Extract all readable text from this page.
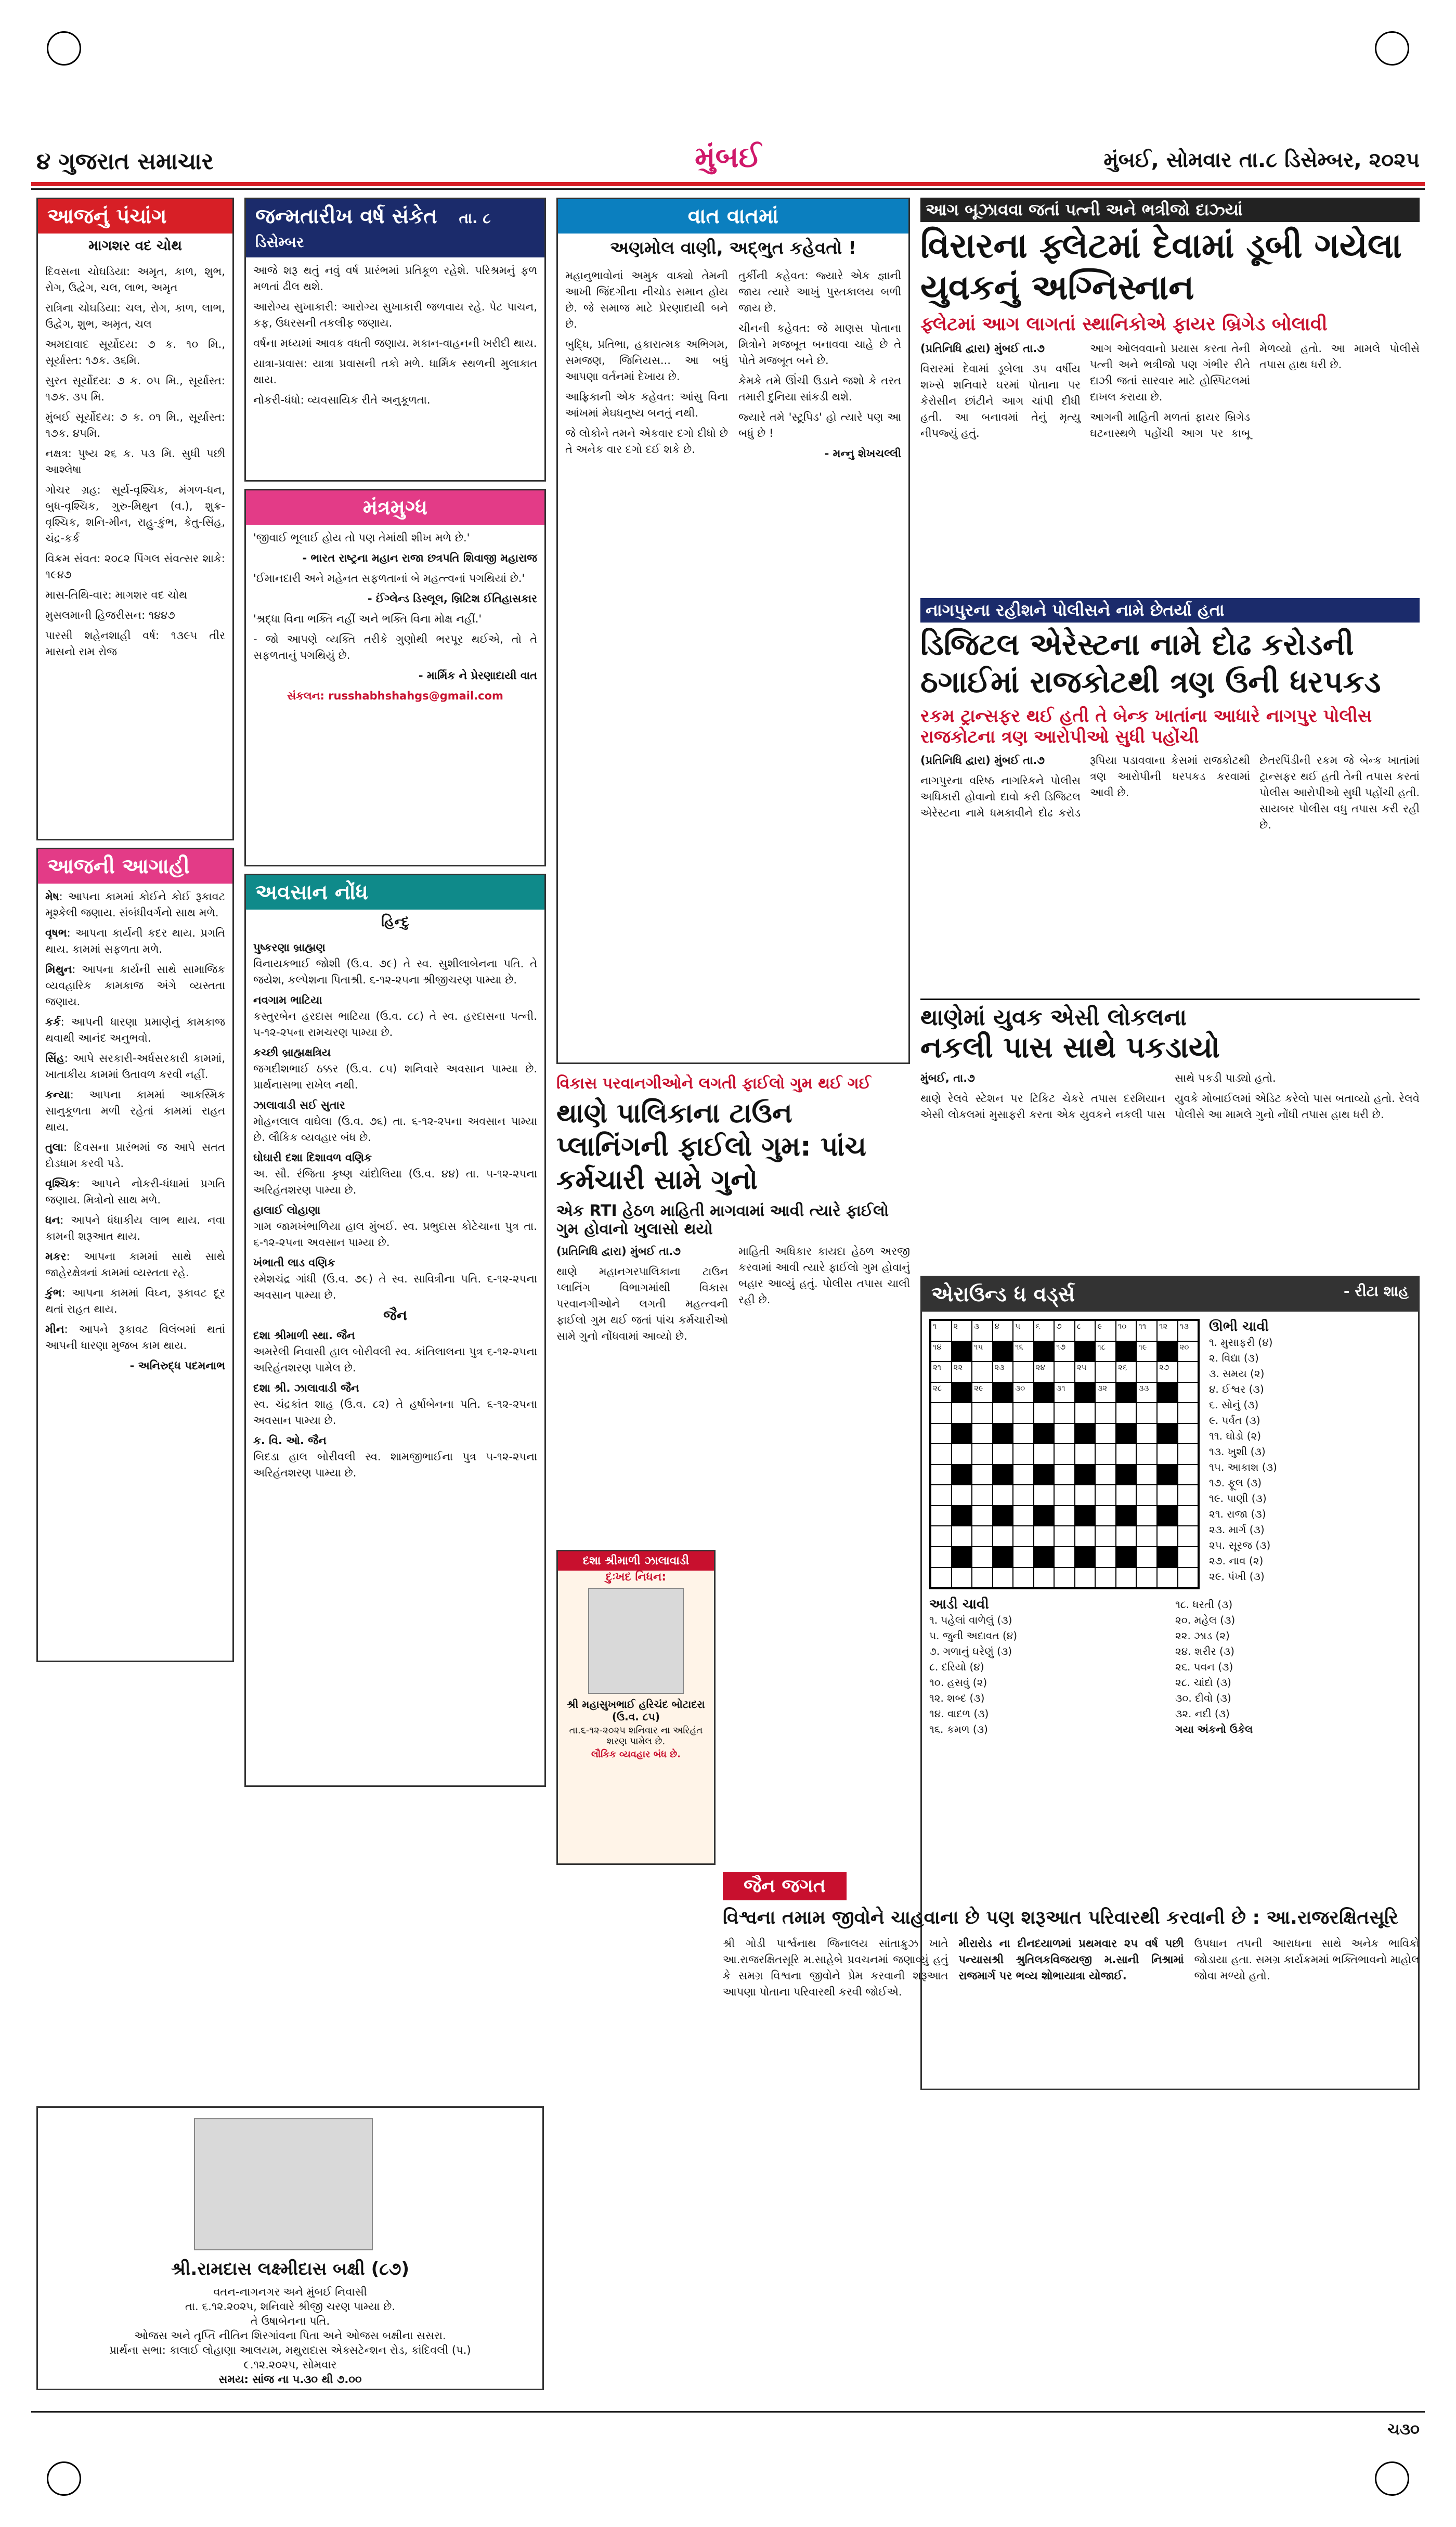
૪ ગુજરાત સમાચાર	મુંબઈ	મુંબઈ, સોમવાર તા.૮ ડિસેમ્બર, ૨૦૨૫
આજનું પંચાંગ
માગશર વદ ચોથ

દિવસના ચોઘડિયા: અમૃત, કાળ, શુભ, રોગ, ઉદ્વેગ, ચલ, લાભ, અમૃત

રાત્રિના ચોઘડિયા: ચલ, રોગ, કાળ, લાભ, ઉદ્વેગ, શુભ, અમૃત, ચલ

અમદાવાદ સૂર્યોદય: ૭ ક. ૧૦ મિ., સૂર્યાસ્ત: ૧૭ક. ૩૬મિ.

સુરત સૂર્યોદય: ૭ ક. ૦૫ મિ., સૂર્યાસ્ત: ૧૭ક. ૩૫ મિ.

મુંબઈ સૂર્યોદય: ૭ ક. ૦૧ મિ., સૂર્યાસ્ત: ૧૭ક. ૪૫મિ.

નક્ષત્ર: પુષ્ય ૨૬ ક. ૫૩ મિ. સુધી પછી આશ્લેષા

ગોચર ગ્રહ: સૂર્ય-વૃશ્ચિક, મંગળ-ધન, બુધ-વૃશ્ચિક, ગુરુ-મિથુન (વ.), શુક્ર-વૃશ્ચિક, શનિ-મીન, રાહુ-કુંભ, કેતુ-સિંહ, ચંદ્ર-કર્ક

વિક્રમ સંવત: ૨૦૮૨ પિંગલ સંવત્સર શાકે: ૧૯૪૭

માસ-તિથિ-વાર: માગશર વદ ચોથ

મુસલમાની હિજરીસન: ૧૪૪૭

પારસી શહેનશાહી વર્ષ: ૧૩૯૫ તીર માસનો રામ રોજ

આજની આગાહી

મેષ: આપના કામમાં કોઈને કોઈ રૂકાવટ મૂશ્કેલી જણાય. સંબંધીવર્ગનો સાથ મળે.

વૃષભ: આપના કાર્યની કદર થાય. પ્રગતિ થાય. કામમાં સફળતા મળે.

મિથુન: આપના કાર્યની સાથે સામાજિક વ્યવહારિક કામકાજ અંગે વ્યસ્તતા જણાય.

કર્ક: આપની ધારણા પ્રમાણેનું કામકાજ થવાથી આનંદ અનુભવો.

સિંહ: આપે સરકારી-અર્ધસરકારી કામમાં, ખાતાકીય કામમાં ઉતાવળ કરવી નહીં.

કન્યા: આપના કામમાં આકસ્મિક સાનુકૂળતા મળી રહેતાં કામમાં રાહત થાય.

તુલા: દિવસના પ્રારંભમાં જ આપે સતત દોડધામ કરવી પડે.

વૃશ્ચિક: આપને નોકરી-ધંધામાં પ્રગતિ જણાય. મિત્રોનો સાથ મળે.

ધન: આપને ધંધાકીય લાભ થાય. નવા કામની શરૂઆત થાય.

મકર: આપના કામમાં સાથે સાથે જાહેરક્ષેત્રનાં કામમાં વ્યસ્તતા રહે.

કુંભ: આપના કામમાં વિઘ્ન, રૂકાવટ દૂર થતાં રાહત થાય.

મીન: આપને રૂકાવટ વિલંબમાં થતાં આપની ધારણા મુજબ કામ થાય.

- અનિરુદ્ધ પદમનાભ

જન્મતારીખ વર્ષ સંકેત તા. ૮ ડિસેમ્બર

આજે શરૂ થતું નવું વર્ષ પ્રારંભમાં પ્રતિકૂળ રહેશે. પરિશ્રમનું ફળ મળતાં ઢીલ થશે.

આરોગ્ય સુખાકારી: આરોગ્ય સુખાકારી જળવાય રહે. પેટ પાચન, કફ, ઉધરસની તકલીફ જણાય.

વર્ષના મધ્યમાં આવક વધતી જણાય. મકાન-વાહનની ખરીદી થાય.

યાત્રા-પ્રવાસ: યાત્રા પ્રવાસની તકો મળે. ધાર્મિક સ્થળની મુલાકાત થાય.

નોકરી-ધંધો: વ્યવસાયિક રીતે અનુકૂળતા.

મંત્રમુગ્ધ

'જીવાઈ ભૂલાઈ હોય તો પણ તેમાંથી શીખ મળે છે.'

- ભારત રાષ્ટ્રના મહાન રાજા છત્રપતિ શિવાજી મહારાજ

'ઈમાનદારી અને મહેનત સફળતાનાં બે મહત્ત્વનાં પગથિયાં છે.'

- ઈંગ્લેન્ડ ડિસ્લૂલ, બ્રિટિશ ઈતિહાસકાર

'શ્રદ્ધા વિના ભક્તિ નહીં અને ભક્તિ વિના મોક્ષ નહીં.'

- જો આપણે વ્યક્તિ તરીકે ગુણોથી ભરપૂર થઈએ, તો તે સફળતાનું પગથિયું છે.

- માર્મિક ને પ્રેરણાદાયી વાત

સંકલન: russhabhshahgs@gmail.com

અવસાન નોંધ
હિન્દુ

પુષ્કરણા બ્રાહ્મણ
વિનાયકભાઈ જોશી (ઉ.વ. ૭૯) તે સ્વ. સુશીલાબેનના પતિ. તે જયેશ, કલ્પેશના પિતાશ્રી. ૬-૧૨-૨૫ના શ્રીજીચરણ પામ્યા છે.

નવગામ ભાટિયા
કસ્તુરબેન હરદાસ ભાટિયા (ઉ.વ. ૮૮) તે સ્વ. હરદાસના પત્ની. ૫-૧૨-૨૫ના રામચરણ પામ્યા છે.

કચ્છી બ્રાહ્મક્ષત્રિય
જગદીશભાઈ ઠક્કર (ઉ.વ. ૮૫) શનિવારે અવસાન પામ્યા છે. પ્રાર્થનાસભા રાખેલ નથી.

ઝાલાવાડી સઈ સુતાર
મોહનલાલ વાઘેલા (ઉ.વ. ૭૬) તા. ૬-૧૨-૨૫ના અવસાન પામ્યા છે. લૌકિક વ્યવહાર બંધ છે.

ઘોઘારી દશા દિશાવળ વણિક
અ. સૌ. રંજિતા કૃષ્ણ ચાંદોલિયા (ઉ.વ. ૪૪) તા. ૫-૧૨-૨૫ના અરિહંતશરણ પામ્યા છે.

હાલાઈ લોહાણા
ગામ જામખંભાળિયા હાલ મુંબઈ. સ્વ. પ્રભુદાસ કોટેચાના પુત્ર તા. ૬-૧૨-૨૫ના અવસાન પામ્યા છે.

ખંભાતી લાડ વણિક
રમેશચંદ્ર ગાંધી (ઉ.વ. ૭૯) તે સ્વ. સાવિત્રીના પતિ. ૬-૧૨-૨૫ના અવસાન પામ્યા છે.

જૈન

દશા શ્રીમાળી સ્થા. જૈન
અમરેલી નિવાસી હાલ બોરીવલી સ્વ. કાંતિલાલના પુત્ર ૬-૧૨-૨૫ના અરિહંતશરણ પામેલ છે.

દશા શ્રી. ઝાલાવાડી જૈન
સ્વ. ચંદ્રકાંત શાહ (ઉ.વ. ૮૨) તે હર્ષાબેનના પતિ. ૬-૧૨-૨૫ના અવસાન પામ્યા છે.

ક. વિ. ઓ. જૈન
બિદડા હાલ બોરીવલી સ્વ. શામજીભાઈના પુત્ર ૫-૧૨-૨૫ના અરિહંતશરણ પામ્યા છે.

શ્રી.રામદાસ લક્ષ્મીદાસ બક્ષી (૮૭)
વતન-નાગનગર અને મુંબઈ નિવાસી
તા. ૬.૧૨.૨૦૨૫, શનિવારે શ્રીજી ચરણ પામ્યા છે.
તે ઉષાબેનના પતિ.
ઓજસ અને તૃપ્તિ નીતિન શિરગાંવના પિતા અને ઓજસ બક્ષીના સસરા.
પ્રાર્થના સભા: કાલાઈ લોહાણા આલયમ, મથુરાદાસ એક્સટેન્શન રોડ, કાંદિવલી (પ.)
૯.૧૨.૨૦૨૫, સોમવાર
સમય: સાંજ ના ૫.૩૦ થી ૭.૦૦
વાત વાતમાં
અણમોલ વાણી, અદ્ભુત કહેવતો !

મહાનુભાવોનાં અમુક વાક્યો તેમની આખી જિંદગીના નીચોડ સમાન હોય છે. જે સમાજ માટે પ્રેરણાદાયી બને છે.

બુદ્ધિ, પ્રતિભા, હકારાત્મક અભિગમ, સમજણ, જિનિયસ... આ બધું આપણા વર્તનમાં દેખાય છે.

આફ્રિકાની એક કહેવત: આંસુ વિના આંખમાં મેઘધનુષ્ય બનતું નથી.

જે લોકોને તમને એકવાર દગો દીધો છે તે અનેક વાર દગો દઈ શકે છે.

તુર્કીની કહેવત: જ્યારે એક જ્ઞાની જાય ત્યારે આખું પુસ્તકાલય બળી જાય છે.

ચીનની કહેવત: જે માણસ પોતાના મિત્રોને મજબૂત બનાવવા ચાહે છે તે પોતે મજબૂત બને છે.

કેમકે તમે ઊંચી ઉડાને જશો કે તરત તમારી દુનિયા સાંકડી થશે.

જ્યારે તમે 'સ્ટૂપિડ' હો ત્યારે પણ આ બધું છે !

- મન્નુ શેખચલ્લી

વિકાસ પરવાનગીઓને લગતી ફાઈલો ગુમ થઈ ગઈ
થાણે પાલિકાના ટાઉન પ્લાનિંગની ફાઈલો ગુમ: પાંચ કર્મચારી સામે ગુનો
એક RTI હેઠળ માહિતી માગવામાં આવી ત્યારે ફાઈલો ગુમ હોવાનો ખુલાસો થયો

(પ્રતિનિધિ દ્વારા) મુંબઈ તા.૭

થાણે મહાનગરપાલિકાના ટાઉન પ્લાનિંગ વિભાગમાંથી વિકાસ પરવાનગીઓને લગતી મહત્ત્વની ફાઈલો ગુમ થઈ જતાં પાંચ કર્મચારીઓ સામે ગુનો નોંધવામાં આવ્યો છે.

માહિતી અધિકાર કાયદા હેઠળ અરજી કરવામાં આવી ત્યારે ફાઈલો ગુમ હોવાનું બહાર આવ્યું હતું. પોલીસ તપાસ ચાલી રહી છે.

દશા શ્રીમાળી ઝાલાવાડી
દુઃખદ નિધન:
શ્રી મહાસુખભાઈ હરિચંદ બોટાદરા (ઉ.વ. ૮૫)
તા.૬-૧૨-૨૦૨૫ શનિવાર ના અરિહંત શરણ પામેલ છે.
લૌકિક વ્યવહાર બંધ છે.
આગ બૂઝાવવા જતાં પત્ની અને ભત્રીજો દાઝ્યાં
વિરારના ફ્લેટમાં દેવામાં ડૂબી ગયેલા યુવકનું અગ્નિસ્નાન
ફ્લેટમાં આગ લાગતાં સ્થાનિકોએ ફાયર બ્રિગેડ બોલાવી

(પ્રતિનિધિ દ્વારા) મુંબઈ તા.૭

વિરારમાં દેવામાં ડૂબેલા ૩૫ વર્ષીય શખ્સે શનિવારે ઘરમાં પોતાના પર કેરોસીન છાંટીને આગ ચાંપી દીધી હતી. આ બનાવમાં તેનું મૃત્યુ નીપજ્યું હતું.

આગ ઓલવવાનો પ્રયાસ કરતા તેની પત્ની અને ભત્રીજો પણ ગંભીર રીતે દાઝી જતાં સારવાર માટે હોસ્પિટલમાં દાખલ કરાયા છે.

આગની માહિતી મળતાં ફાયર બ્રિગેડ ઘટનાસ્થળે પહોંચી આગ પર કાબૂ મેળવ્યો હતો. આ મામલે પોલીસે તપાસ હાથ ધરી છે.

નાગપુરના રહીશને પોલીસને નામે છેતર્યા હતા
ડિજિટલ એરેસ્ટના નામે દોઢ કરોડની ઠગાઈમાં રાજકોટથી ત્રણ ઉની ધરપકડ
રકમ ટ્રાન્સફર થઈ હતી તે બેન્ક ખાતાંના આધારે નાગપુર પોલીસ રાજકોટના ત્રણ આરોપીઓ સુધી પહોંચી

(પ્રતિનિધિ દ્વારા) મુંબઈ તા.૭

નાગપુરના વરિષ્ઠ નાગરિકને પોલીસ અધિકારી હોવાનો દાવો કરી ડિજિટલ એરેસ્ટના નામે ધમકાવીને દોઢ કરોડ રૂપિયા પડાવવાના કેસમાં રાજકોટથી ત્રણ આરોપીની ધરપકડ કરવામાં આવી છે.

છેતરપિંડીની રકમ જે બેન્ક ખાતાંમાં ટ્રાન્સફર થઈ હતી તેની તપાસ કરતાં પોલીસ આરોપીઓ સુધી પહોંચી હતી. સાયબર પોલીસ વધુ તપાસ કરી રહી છે.

થાણેમાં યુવક એસી લોકલના
નકલી પાસ સાથે પકડાયો

મુંબઈ, તા.૭

થાણે રેલવે સ્ટેશન પર ટિકિટ ચેકરે તપાસ દરમિયાન એસી લોકલમાં મુસાફરી કરતા એક યુવકને નકલી પાસ સાથે પકડી પાડ્યો હતો.

યુવકે મોબાઈલમાં એડિટ કરેલો પાસ બતાવ્યો હતો. રેલવે પોલીસે આ મામલે ગુનો નોંધી તપાસ હાથ ધરી છે.

એરાઉન્ડ ધ વર્ડ્સ	- રીટા શાહ
૧ ૨ ૩ ૪ ૫ ૬ ૭ ૮ ૯ ૧૦ ૧૧ ૧૨ ૧૩
૧૪	૧૫	૧૬	૧૭	૧૮	૧૯	૨૦
૨૧ ૨૨	૨૩	૨૪	૨૫	૨૬	૨૭
૨૮	૨૯	૩૦	૩૧	૩૨	૩૩
ઊભી ચાવી
૧. મુસાફરી (૪)
૨. વિદ્યા (૩)
૩. સમય (૨)
૪. ઈશ્વર (૩)
૬. સોનું (૩)
૯. પર્વત (૩)
૧૧. ઘોડો (૨)
૧૩. ખુશી (૩)
૧૫. આકાશ (૩)
૧૭. ફૂલ (૩)
૧૯. પાણી (૩)
૨૧. રાજા (૩)
૨૩. માર્ગ (૩)
૨૫. સૂરજ (૩)
૨૭. નાવ (૨)
૨૯. પંખી (૩)
આડી ચાવી
૧. પહેલાં વાળેલું (૩)
૫. જુની અદાવત (૪)
૭. ગળાનું ઘરેણું (૩)
૮. દરિયો (૪)
૧૦. હસવું (૨)
૧૨. શબ્દ (૩)
૧૪. વાદળ (૩)
૧૬. કમળ (૩)
૧૮. ધરતી (૩)
૨૦. મહેલ (૩)
૨૨. ઝાડ (૨)
૨૪. શરીર (૩)
૨૬. પવન (૩)
૨૮. ચાંદો (૩)
૩૦. દીવો (૩)
૩૨. નદી (૩)
ગયા અંકનો ઉકેલ
જૈન જગત
વિશ્વના તમામ જીવોને ચાહવાના છે પણ શરૂઆત પરિવારથી કરવાની છે : આ.રાજરક્ષિતસૂરિ

શ્રી ગોડી પાર્શ્વનાથ જિનાલય સાંતાક્રુઝ ખાતે આ.રાજરક્ષિતસૂરિ મ.સાહેબે પ્રવચનમાં જણાવ્યું હતું કે સમગ્ર વિશ્વના જીવોને પ્રેમ કરવાની શરૂઆત આપણા પોતાના પરિવારથી કરવી જોઈએ.

મીરારોડ ના દીનદયાળમાં પ્રથમવાર ૨૫ વર્ષ પછી પન્યાસશ્રી શ્રુતિલકવિજયજી મ.સાની નિશ્રામાં રાજમાર્ગ પર ભવ્ય શોભાયાત્રા યોજાઈ.

ઉપધાન તપની આરાધના સાથે અનેક ભાવિકો જોડાયા હતા. સમગ્ર કાર્યક્રમમાં ભક્તિભાવનો માહોલ જોવા મળ્યો હતો.

ચ૩૦
